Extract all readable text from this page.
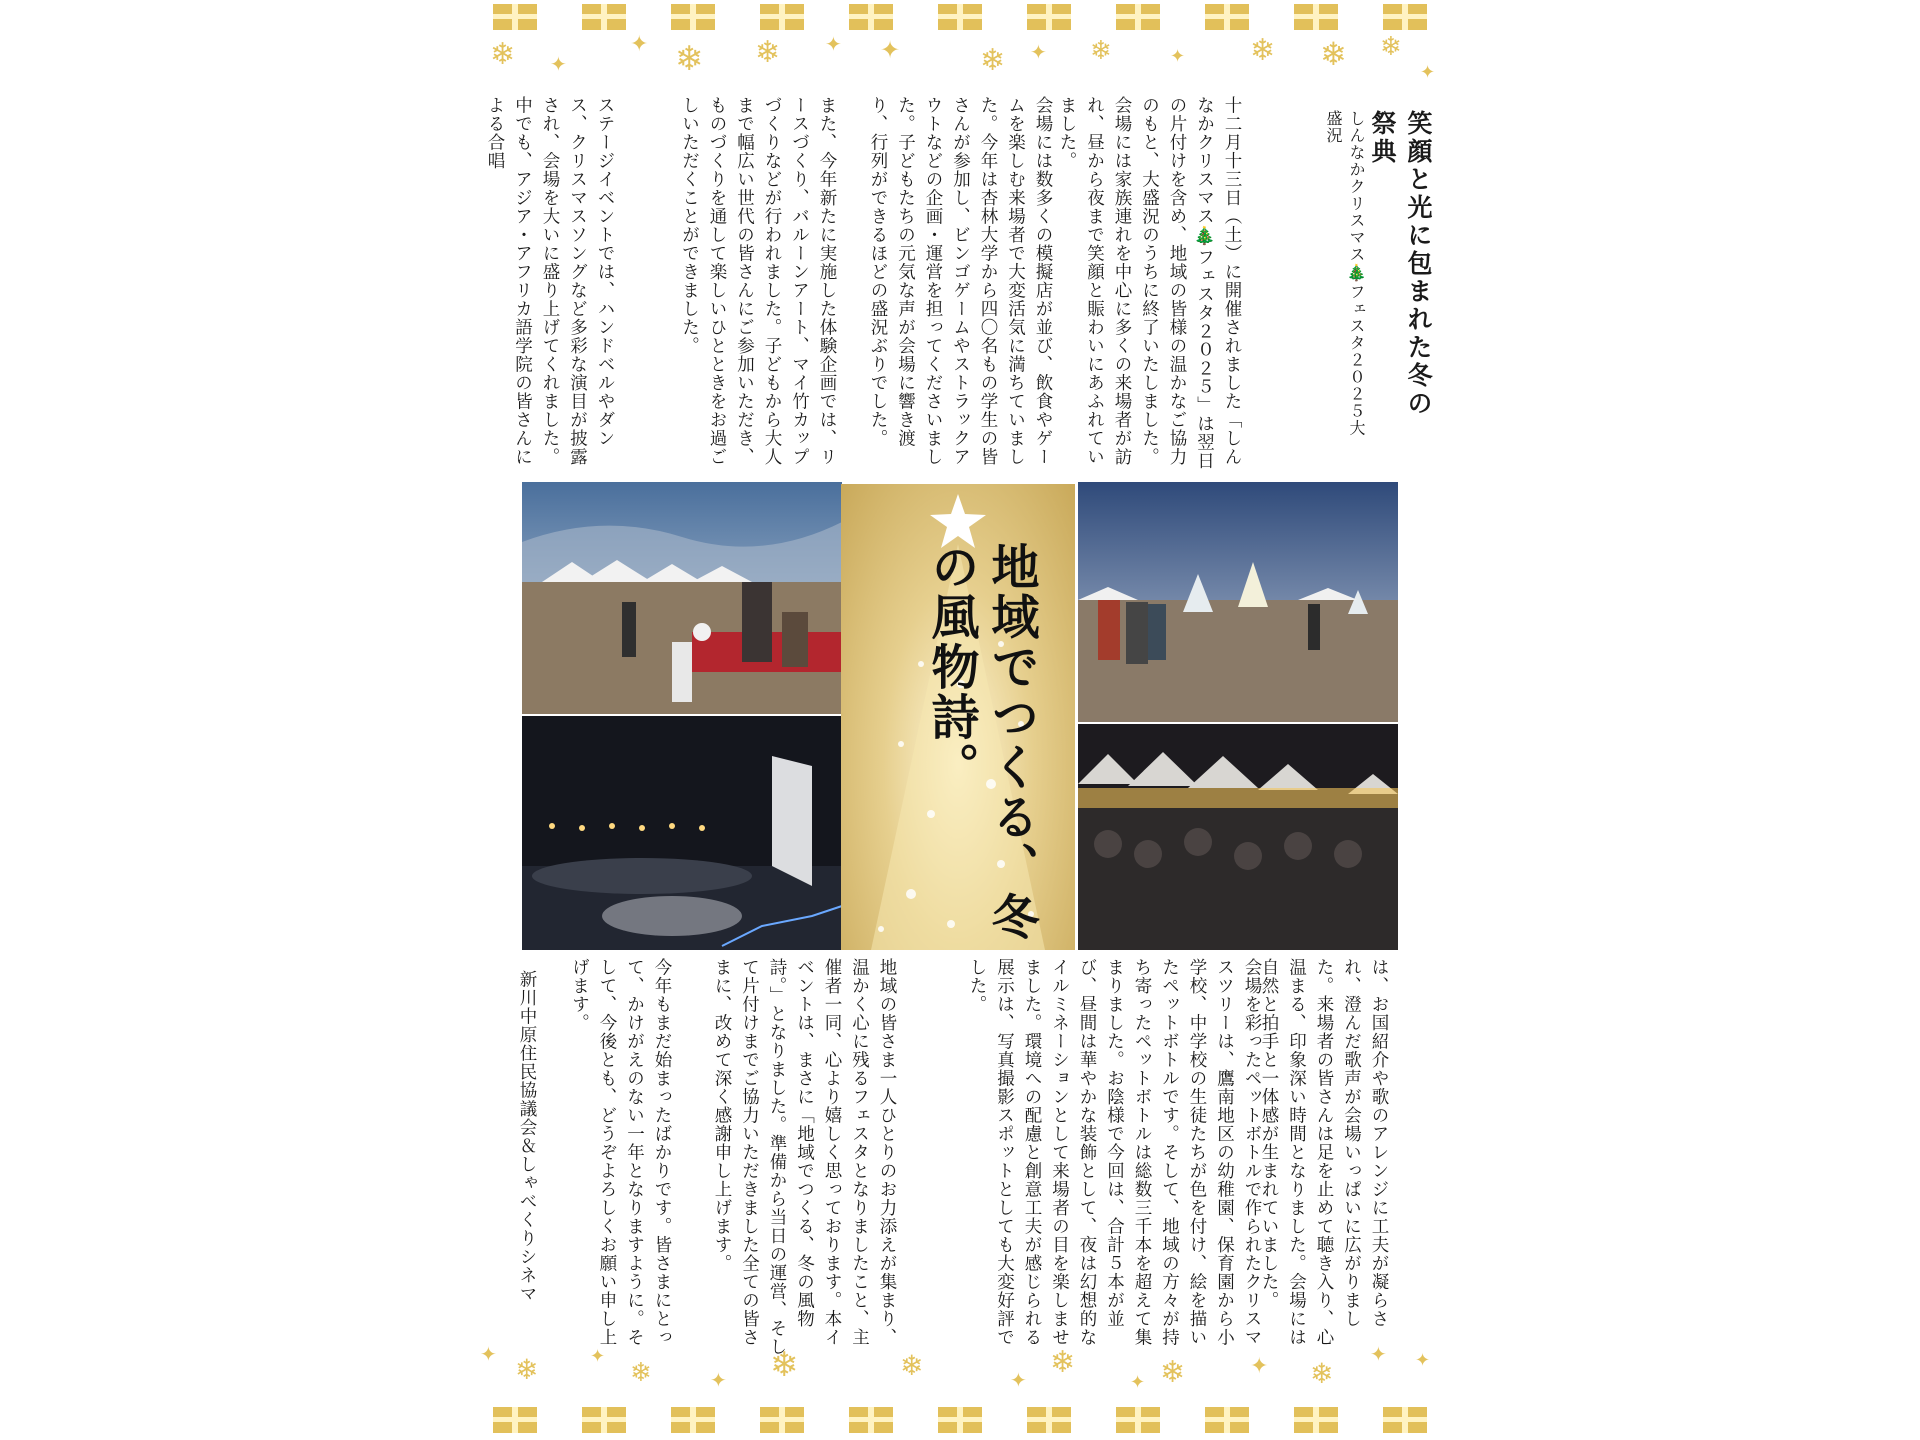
❄ ✦
✦ ❄ ❄ ✦ ✦	❄ ✦ ❄	✦ ❄ ❄ ❄
✦
笑顔と光に包まれた冬の祭典
しんなかクリスマス🎄フェスタ２０２５大盛況
十二月十三日（土）に開催されました「しんなかクリスマス🎄フェスタ２０２５」は翌日の片付けを含め、地域の皆様の温かなご協力のもと、大盛況のうちに終了いたしました。会場には家族連れを中心に多くの来場者が訪れ、昼から夜まで笑顔と賑わいにあふれていました。
会場には数多くの模擬店が並び、飲食やゲームを楽しむ来場者で大変活気に満ちていました。今年は杏林大学から四〇名もの学生の皆さんが参加し、ビンゴゲームやストラックアウトなどの企画・運営を担ってくださいました。子どもたちの元気な声が会場に響き渡り、行列ができるほどの盛況ぶりでした。
また、今年新たに実施した体験企画では、リースづくり、バルーンアート、マイ竹カップづくりなどが行われました。子どもから大人まで幅広い世代の皆さんにご参加いただき、ものづくりを通して楽しいひとときをお過ごしいただくことができました。
ステージイベントでは、ハンドベルやダンス、クリスマスソングなど多彩な演目が披露され、会場を大いに盛り上げてくれました。中でも、アジア・アフリカ語学院の皆さんによる合唱
地域でつくる、冬の風物詩。
は、お国紹介や歌のアレンジに工夫が凝らされ、澄んだ歌声が会場いっぱいに広がりました。来場者の皆さんは足を止めて聴き入り、心温まる、印象深い時間となりました。会場には自然と拍手と一体感が生まれていました。
会場を彩ったペットボトルで作られたクリスマスツリーは、鷹南地区の幼稚園、保育園から小学校、中学校の生徒たちが色を付け、絵を描いたペットボトルです。そして、地域の方々が持ち寄ったペットボトルは総数三千本を超えて集まりました。お陰様で今回は、合計５本が並び、昼間は華やかな装飾として、夜は幻想的なイルミネーションとして来場者の目を楽しませました。環境への配慮と創意工夫が感じられる展示は、写真撮影スポットとしても大変好評でした。
地域の皆さま一人ひとりのお力添えが集まり、温かく心に残るフェスタとなりましたこと、主催者一同、心より嬉しく思っております。本イベントは、まさに「地域でつくる、冬の風物詩。」となりました。準備から当日の運営、そして片付けまでご協力いただきました全ての皆さまに、改めて深く感謝申し上げます。
今年もまだ始まったばかりです。皆さまにとって、かけがえのない一年となりますように。そして、今後とも、どうぞよろしくお願い申し上げます。
新川中原住民協議会＆しゃべくりシネマ
✦ ❄	✦
❄	✦ ❄	❄	✦ ❄
✦ ❄	✦ ❄
✦ ✦
